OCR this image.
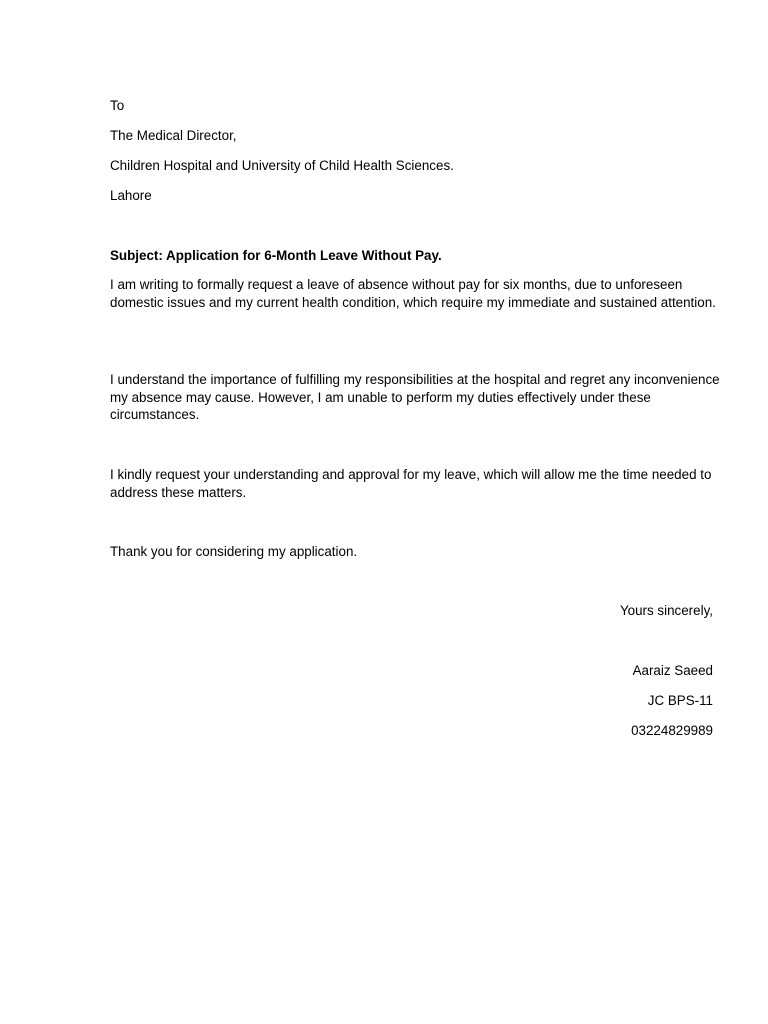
To

The Medical Director,

Children Hospital and University of Child Health Sciences.

Lahore

Subject: Application for 6-Month Leave Without Pay.

I am writing to formally request a leave of absence without pay for six months, due to unforeseen domestic issues and my current health condition, which require my immediate and sustained attention.

I understand the importance of fulfilling my responsibilities at the hospital and regret any inconvenience my absence may cause. However, I am unable to perform my duties effectively under these circumstances.

I kindly request your understanding and approval for my leave, which will allow me the time needed to address these matters.

Thank you for considering my application.

Yours sincerely,

Aaraiz Saeed

JC BPS-11

03224829989
